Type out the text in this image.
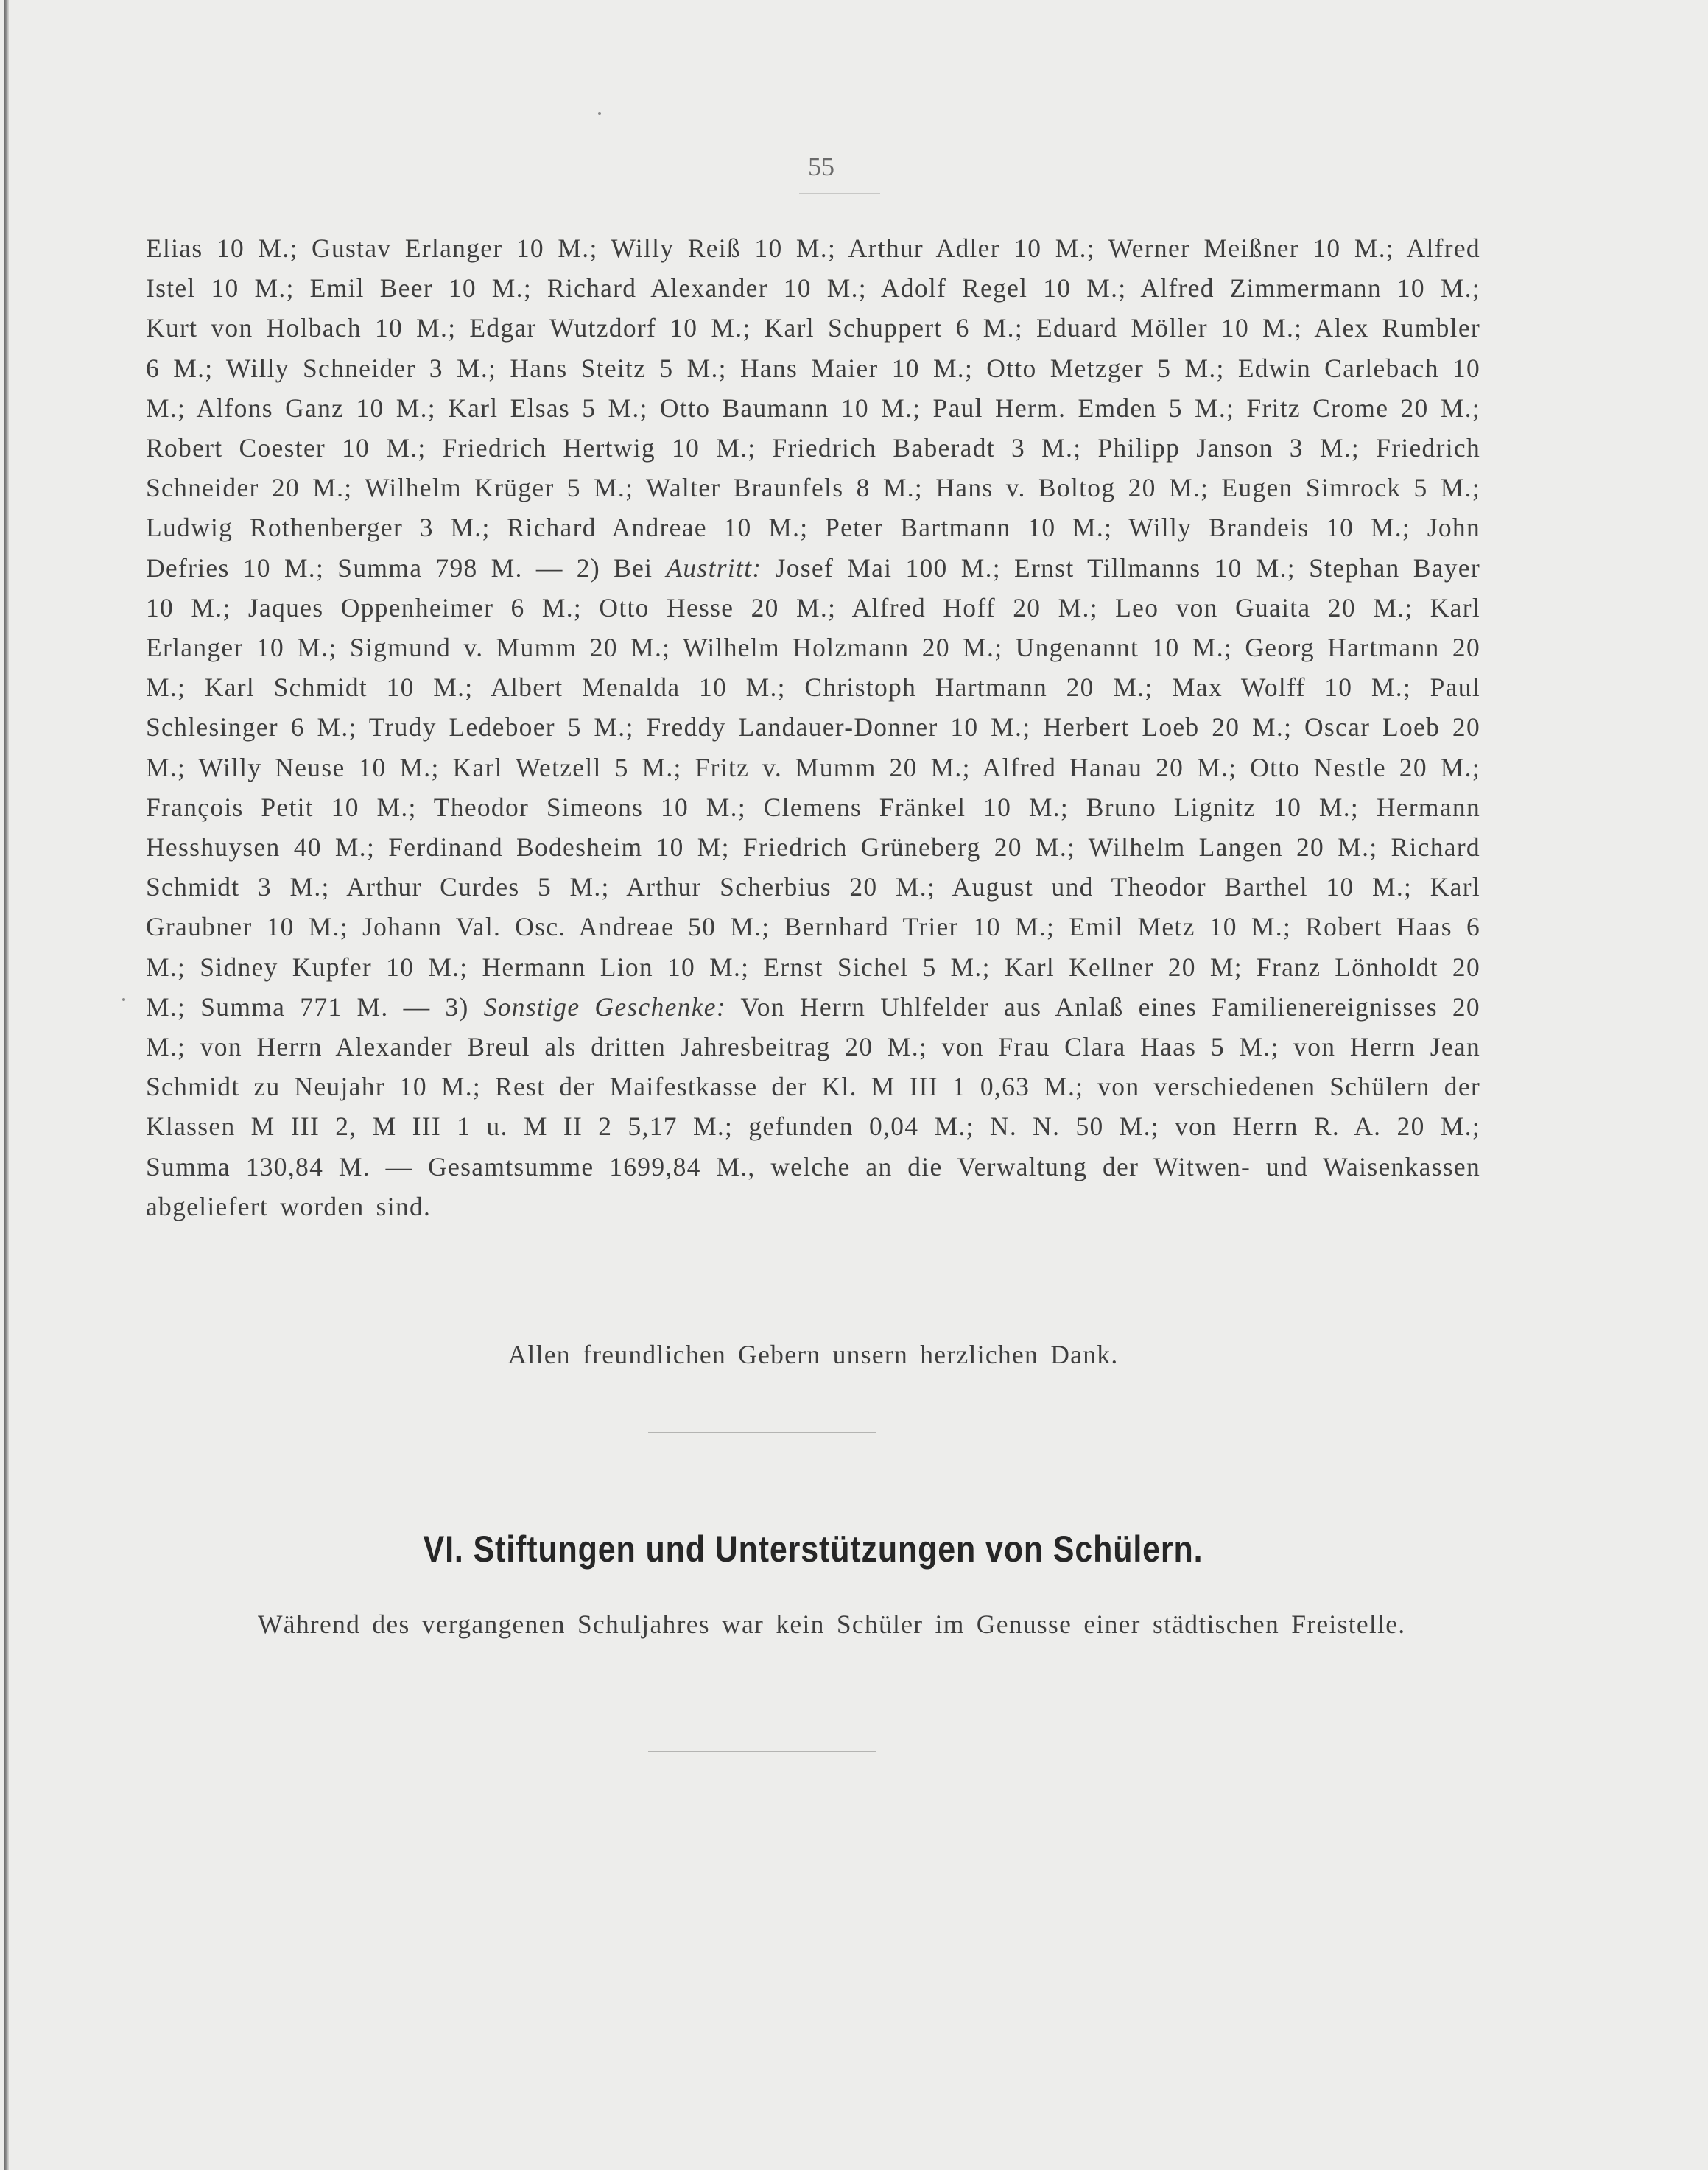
55

Elias 10 M.; Gustav Erlanger 10 M.; Willy Reiß 10 M.; Arthur Adler 10 M.; Werner Meißner 10 M.; Alfred Istel 10 M.; Emil Beer 10 M.; Richard Alexander 10 M.; Adolf Regel 10 M.; Alfred Zimmermann 10 M.; Kurt von Holbach 10 M.; Edgar Wutzdorf 10 M.; Karl Schuppert 6 M.; Eduard Möller 10 M.; Alex Rumbler 6 M.; Willy Schneider 3 M.; Hans Steitz 5 M.; Hans Maier 10 M.; Otto Metzger 5 M.; Edwin Carlebach 10 M.; Alfons Ganz 10 M.; Karl Elsas 5 M.; Otto Baumann 10 M.; Paul Herm. Emden 5 M.; Fritz Crome 20 M.; Robert Coester 10 M.; Friedrich Hertwig 10 M.; Friedrich Baberadt 3 M.; Philipp Janson 3 M.; Friedrich Schneider 20 M.; Wilhelm Krüger 5 M.; Walter Braunfels 8 M.; Hans v. Boltog 20 M.; Eugen Simrock 5 M.; Ludwig Rothenberger 3 M.; Richard Andreae 10 M.; Peter Bartmann 10 M.; Willy Brandeis 10 M.; John Defries 10 M.; Summa 798 M. — 2) Bei Austritt: Josef Mai 100 M.; Ernst Tillmanns 10 M.; Stephan Bayer 10 M.; Jaques Oppenheimer 6 M.; Otto Hesse 20 M.; Alfred Hoff 20 M.; Leo von Guaita 20 M.; Karl Erlanger 10 M.; Sigmund v. Mumm 20 M.; Wilhelm Holzmann 20 M.; Ungenannt 10 M.; Georg Hartmann 20 M.; Karl Schmidt 10 M.; Albert Menalda 10 M.; Christoph Hartmann 20 M.; Max Wolff 10 M.; Paul Schlesinger 6 M.; Trudy Ledeboer 5 M.; Freddy Landauer-Donner 10 M.; Herbert Loeb 20 M.; Oscar Loeb 20 M.; Willy Neuse 10 M.; Karl Wetzell 5 M.; Fritz v. Mumm 20 M.; Alfred Hanau 20 M.; Otto Nestle 20 M.; François Petit 10 M.; Theodor Simeons 10 M.; Clemens Fränkel 10 M.; Bruno Lignitz 10 M.; Hermann Hesshuysen 40 M.; Ferdinand Bodesheim 10 M; Friedrich Grüneberg 20 M.; Wilhelm Langen 20 M.; Richard Schmidt 3 M.; Arthur Curdes 5 M.; Arthur Scherbius 20 M.; August und Theodor Barthel 10 M.; Karl Graubner 10 M.; Johann Val. Osc. Andreae 50 M.; Bernhard Trier 10 M.; Emil Metz 10 M.; Robert Haas 6 M.; Sidney Kupfer 10 M.; Hermann Lion 10 M.; Ernst Sichel 5 M.; Karl Kellner 20 M; Franz Lönholdt 20 M.; Summa 771 M. — 3) Sonstige Geschenke: Von Herrn Uhlfelder aus Anlaß eines Familienereignisses 20 M.; von Herrn Alexander Breul als dritten Jahresbeitrag 20 M.; von Frau Clara Haas 5 M.; von Herrn Jean Schmidt zu Neujahr 10 M.; Rest der Maifestkasse der Kl. M III 1 0,63 M.; von verschiedenen Schülern der Klassen M III 2, M III 1 u. M II 2 5,17 M.; gefunden 0,04 M.; N. N. 50 M.; von Herrn R. A. 20 M.; Summa 130,84 M. — Gesamtsumme 1699,84 M., welche an die Verwaltung der Witwen- und Waisenkassen abgeliefert worden sind.

Allen freundlichen Gebern unsern herzlichen Dank.

VI. Stiftungen und Unterstützungen von Schülern.

Während des vergangenen Schuljahres war kein Schüler im Genusse einer städtischen Freistelle.
